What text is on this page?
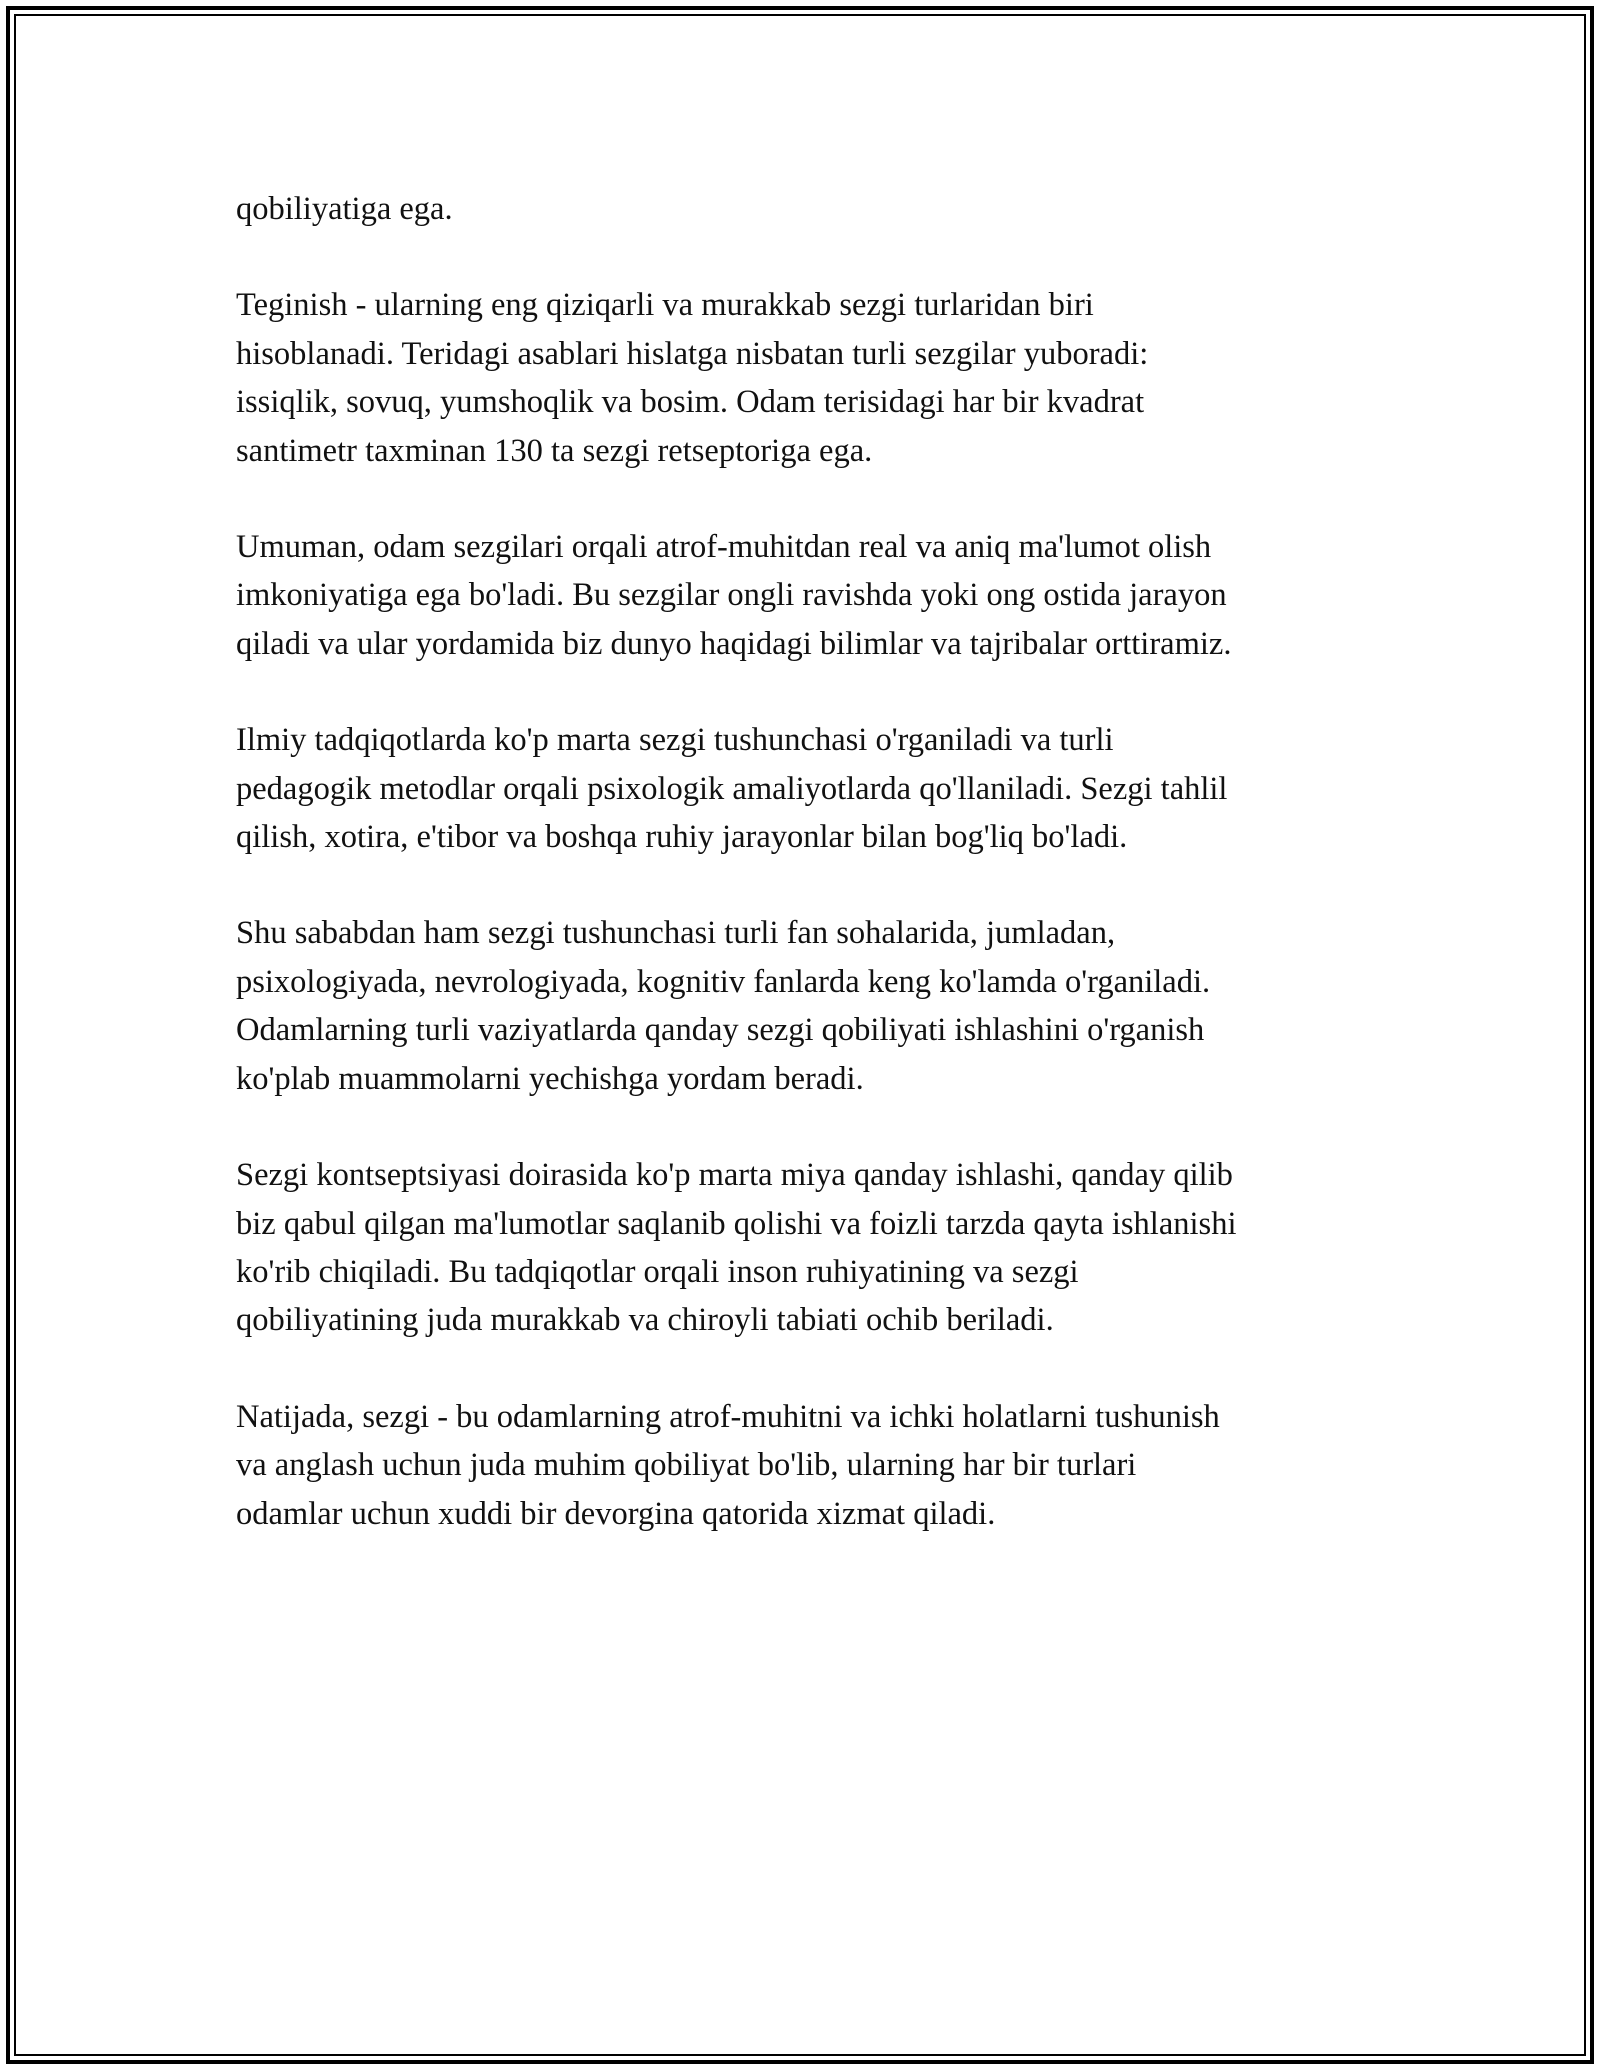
qobiliyatiga ega.

Teginish - ularning eng qiziqarli va murakkab sezgi turlaridan biri
hisoblanadi. Teridagi asablari hislatga nisbatan turli sezgilar yuboradi:
issiqlik, sovuq, yumshoqlik va bosim. Odam terisidagi har bir kvadrat
santimetr taxminan 130 ta sezgi retseptoriga ega.

Umuman, odam sezgilari orqali atrof-muhitdan real va aniq ma'lumot olish
imkoniyatiga ega bo'ladi. Bu sezgilar ongli ravishda yoki ong ostida jarayon
qiladi va ular yordamida biz dunyo haqidagi bilimlar va tajribalar orttiramiz.

Ilmiy tadqiqotlarda ko'p marta sezgi tushunchasi o'rganiladi va turli
pedagogik metodlar orqali psixologik amaliyotlarda qo'llaniladi. Sezgi tahlil
qilish, xotira, e'tibor va boshqa ruhiy jarayonlar bilan bog'liq bo'ladi.

Shu sababdan ham sezgi tushunchasi turli fan sohalarida, jumladan,
psixologiyada, nevrologiyada, kognitiv fanlarda keng ko'lamda o'rganiladi.
Odamlarning turli vaziyatlarda qanday sezgi qobiliyati ishlashini o'rganish
ko'plab muammolarni yechishga yordam beradi.

Sezgi kontseptsiyasi doirasida ko'p marta miya qanday ishlashi, qanday qilib
biz qabul qilgan ma'lumotlar saqlanib qolishi va foizli tarzda qayta ishlanishi
ko'rib chiqiladi. Bu tadqiqotlar orqali inson ruhiyatining va sezgi
qobiliyatining juda murakkab va chiroyli tabiati ochib beriladi.

Natijada, sezgi - bu odamlarning atrof-muhitni va ichki holatlarni tushunish
va anglash uchun juda muhim qobiliyat bo'lib, ularning har bir turlari
odamlar uchun xuddi bir devorgina qatorida xizmat qiladi.
